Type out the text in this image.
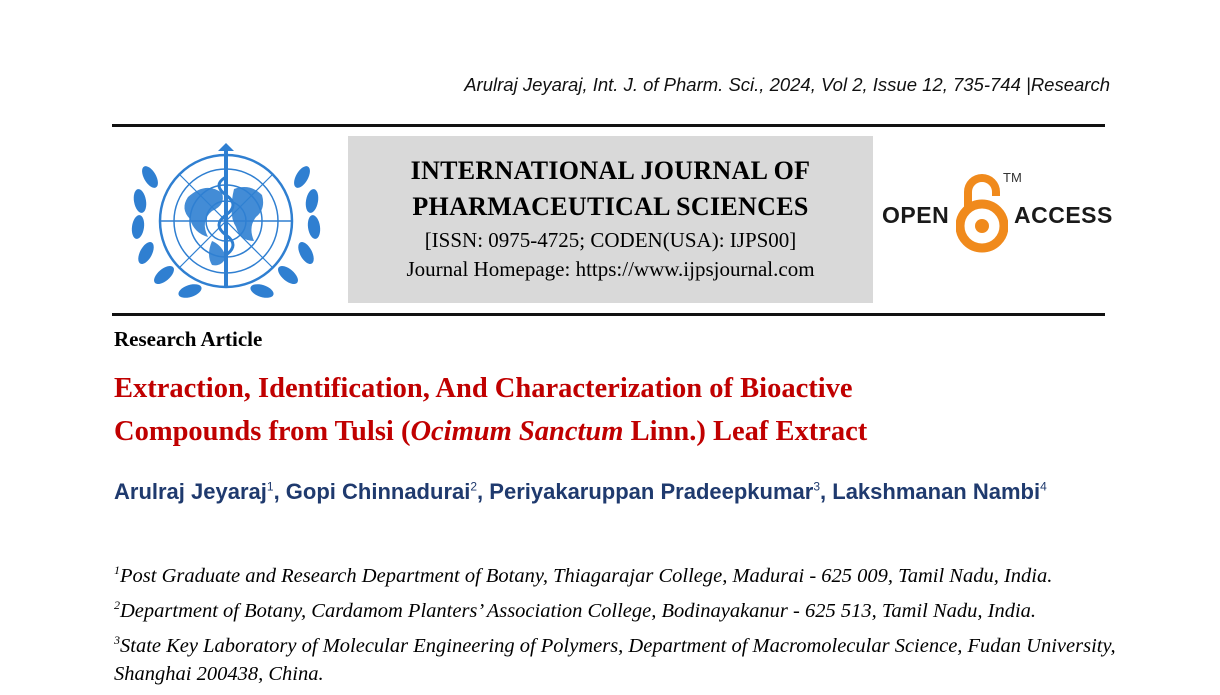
Arulraj Jeyaraj, Int. J. of Pharm. Sci., 2024, Vol 2, Issue 12, 735-744 |Research
INTERNATIONAL JOURNAL OF
PHARMACEUTICAL SCIENCES
[ISSN: 0975-4725; CODEN(USA): IJPS00]
Journal Homepage: https://www.ijpsjournal.com
OPEN
TM
ACCESS
Research Article
Extraction, Identification, And Characterization of Bioactive
Compounds from Tulsi (Ocimum Sanctum Linn.) Leaf Extract
Arulraj Jeyaraj$^1$, Gopi Chinnadurai$^2$, Periyakaruppan Pradeepkumar$^3$, Lakshmanan Nambi$^4$

$^1$Post Graduate and Research Department of Botany, Thiagarajar College, Madurai - 625 009, Tamil Nadu, India.

$^2$Department of Botany, Cardamom Planters’ Association College, Bodinayakanur - 625 513, Tamil Nadu, India.

$^3$State Key Laboratory of Molecular Engineering of Polymers, Department of Macromolecular Science, Fudan University, Shanghai 200438, China.
